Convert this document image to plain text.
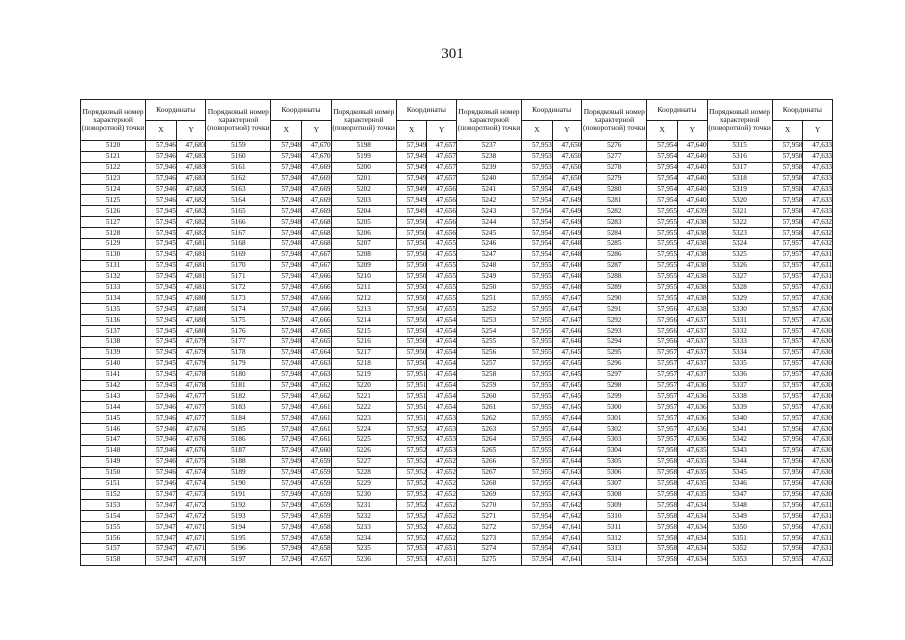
301
Порядковый номер характерной (поворотной) точки	Координаты		Порядковый номер характерной (поворотной) точки	Координаты		Порядковый номер характерной (поворотной) точки	Координаты		Порядковый номер характерной (поворотной) точки	Координаты		Порядковый номер характерной (поворотной) точки	Координаты		Порядковый номер характерной (поворотной) точки	Координаты	
	X	Y		X	Y		X	Y		X	Y		X	Y		X	Y
5120	57,946	47,683	5159	57,948	47,670	5198	57,949	47,657	5237	57,953	47,650	5276	57,954	47,640	5315	57,958	47,633
5121	57,946	47,683	5160	57,948	47,670	5199	57,949	47,657	5238	57,953	47,650	5277	57,954	47,640	5316	57,958	47,633
5122	57,946	47,683	5161	57,948	47,669	5200	57,949	47,657	5239	57,953	47,650	5278	57,954	47,640	5317	57,958	47,633
5123	57,946	47,683	5162	57,948	47,669	5201	57,949	47,657	5240	57,954	47,650	5279	57,954	47,640	5318	57,958	47,633
5124	57,946	47,682	5163	57,948	47,669	5202	57,949	47,656	5241	57,954	47,649	5280	57,954	47,640	5319	57,958	47,633
5125	57,946	47,682	5164	57,948	47,669	5203	57,949	47,656	5242	57,954	47,649	5281	57,954	47,640	5320	57,958	47,633
5126	57,945	47,682	5165	57,948	47,669	5204	57,949	47,656	5243	57,954	47,649	5282	57,955	47,639	5321	57,958	47,633
5127	57,945	47,682	5166	57,948	47,668	5205	57,950	47,656	5244	57,954	47,649	5283	57,955	47,638	5322	57,958	47,632
5128	57,945	47,682	5167	57,948	47,668	5206	57,950	47,656	5245	57,954	47,649	5284	57,955	47,638	5323	57,958	47,632
5129	57,945	47,681	5168	57,948	47,668	5207	57,950	47,655	5246	57,954	47,648	5285	57,955	47,638	5324	57,957	47,632
5130	57,945	47,681	5169	57,948	47,667	5208	57,950	47,655	5247	57,954	47,648	5286	57,955	47,638	5325	57,957	47,631
5131	57,945	47,681	5170	57,948	47,667	5209	57,950	47,655	5248	57,955	47,648	5287	57,955	47,638	5326	57,957	47,631
5132	57,945	47,681	5171	57,948	47,666	5210	57,950	47,655	5249	57,955	47,648	5288	57,955	47,638	5327	57,957	47,631
5133	57,945	47,681	5172	57,948	47,666	5211	57,950	47,655	5250	57,955	47,648	5289	57,955	47,638	5328	57,957	47,631
5134	57,945	47,680	5173	57,948	47,666	5212	57,950	47,655	5251	57,955	47,647	5290	57,955	47,638	5329	57,957	47,630
5135	57,945	47,680	5174	57,948	47,666	5213	57,950	47,655	5252	57,955	47,647	5291	57,956	47,638	5330	57,957	47,630
5136	57,945	47,680	5175	57,948	47,666	5214	57,950	47,654	5253	57,955	47,647	5292	57,956	47,637	5331	57,957	47,630
5137	57,945	47,680	5176	57,948	47,665	5215	57,950	47,654	5254	57,955	47,646	5293	57,956	47,637	5332	57,957	47,630
5138	57,945	47,679	5177	57,948	47,665	5216	57,950	47,654	5255	57,955	47,646	5294	57,956	47,637	5333	57,957	47,630
5139	57,945	47,679	5178	57,948	47,664	5217	57,950	47,654	5256	57,955	47,645	5295	57,957	47,637	5334	57,957	47,630
5140	57,945	47,679	5179	57,948	47,663	5218	57,950	47,654	5257	57,955	47,645	5296	57,957	47,637	5335	57,957	47,630
5141	57,945	47,678	5180	57,948	47,663	5219	57,951	47,654	5258	57,955	47,645	5297	57,957	47,637	5336	57,957	47,630
5142	57,945	47,678	5181	57,948	47,662	5220	57,951	47,654	5259	57,955	47,645	5298	57,957	47,636	5337	57,957	47,630
5143	57,946	47,677	5182	57,948	47,662	5221	57,951	47,654	5260	57,955	47,645	5299	57,957	47,636	5338	57,957	47,630
5144	57,946	47,677	5183	57,948	47,661	5222	57,951	47,654	5261	57,955	47,645	5300	57,957	47,636	5339	57,957	47,630
5145	57,946	47,677	5184	57,948	47,661	5223	57,951	47,653	5262	57,955	47,644	5301	57,957	47,636	5340	57,957	47,630
5146	57,946	47,676	5185	57,948	47,661	5224	57,952	47,653	5263	57,955	47,644	5302	57,957	47,636	5341	57,956	47,630
5147	57,946	47,676	5186	57,949	47,661	5225	57,952	47,653	5264	57,955	47,644	5303	57,957	47,636	5342	57,956	47,630
5148	57,946	47,676	5187	57,949	47,660	5226	57,952	47,653	5265	57,955	47,644	5304	57,958	47,635	5343	57,956	47,630
5149	57,946	47,675	5188	57,949	47,659	5227	57,952	47,652	5266	57,955	47,644	5305	57,958	47,635	5344	57,956	47,630
5150	57,946	47,674	5189	57,949	47,659	5228	57,952	47,652	5267	57,955	47,643	5306	57,958	47,635	5345	57,956	47,630
5151	57,946	47,674	5190	57,949	47,659	5229	57,952	47,652	5268	57,955	47,643	5307	57,958	47,635	5346	57,956	47,630
5152	57,947	47,673	5191	57,949	47,659	5230	57,952	47,652	5269	57,955	47,643	5308	57,958	47,635	5347	57,956	47,630
5153	57,947	47,672	5192	57,949	47,659	5231	57,952	47,652	5270	57,955	47,642	5309	57,958	47,634	5348	57,956	47,631
5154	57,947	47,672	5193	57,949	47,659	5232	57,952	47,652	5271	57,954	47,642	5310	57,958	47,634	5349	57,956	47,631
5155	57,947	47,671	5194	57,949	47,658	5233	57,952	47,652	5272	57,954	47,641	5311	57,958	47,634	5350	57,956	47,631
5156	57,947	47,671	5195	57,949	47,658	5234	57,952	47,652	5273	57,954	47,641	5312	57,958	47,634	5351	57,956	47,631
5157	57,947	47,671	5196	57,949	47,658	5235	57,953	47,651	5274	57,954	47,641	5313	57,958	47,634	5352	57,956	47,631
5158	57,947	47,670	5197	57,949	47,657	5236	57,953	47,651	5275	57,954	47,641	5314	57,958	47,634	5353	57,955	47,632
